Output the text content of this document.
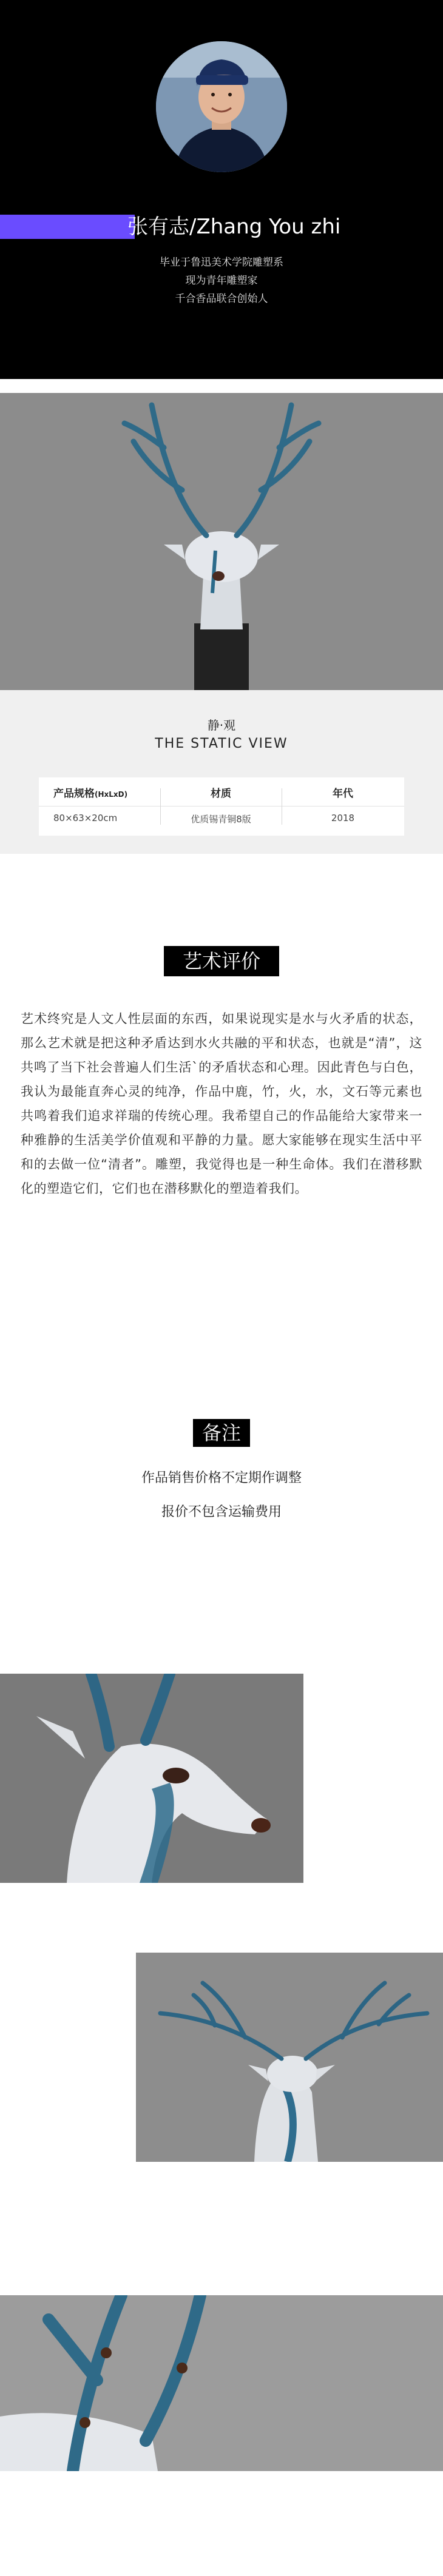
张有志/Zhang You zhi
毕业于鲁迅美术学院雕塑系
现为青年雕塑家
千合香品联合创始人
静·观
THE STATIC VIEW
产品规格(HxLxD)
80×63×20cm
材质
优质锡青铜8版
年代
2018
艺术评价
艺术终究是人文人性层面的东西，如果说现实是水与火矛盾的状态，那么艺术就是把这种矛盾达到水火共融的平和状态，也就是“清”，这共鸣了当下社会普遍人们生活`的矛盾状态和心理。因此青色与白色，我认为最能直奔心灵的纯净，作品中鹿，竹，火，水，文石等元素也共鸣着我们追求祥瑞的传统心理。我希望自己的作品能给大家带来一种雅静的生活美学价值观和平静的力量。愿大家能够在现实生活中平和的去做一位“清者”。雕塑，我觉得也是一种生命体。我们在潜移默化的塑造它们，它们也在潜移默化的塑造着我们。
备注
作品销售价格不定期作调整
报价不包含运输费用
